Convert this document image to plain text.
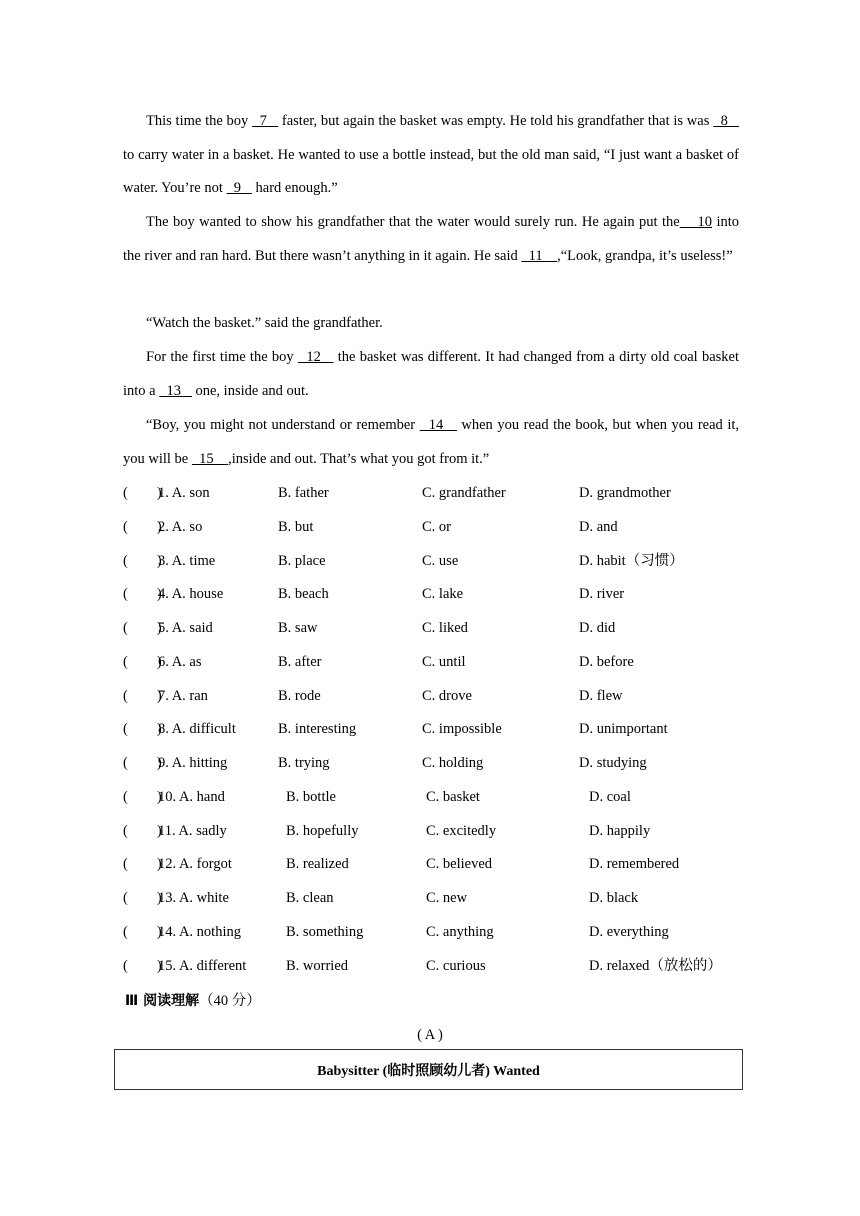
This time the boy   7    faster, but again the basket was empty. He told his grandfather that is was   8    to carry water in a basket. He wanted to use a bottle instead, but the old man said, “I just want a basket of water. You’re not   9    hard enough.”

The boy wanted to show his grandfather that the water would surely run. He again put the    10 into the river and ran hard. But there wasn’t anything in it again. He said   11    ,“Look, grandpa, it’s useless!”

“Watch the basket.” said the grandfather.

For the first time the boy   12    the basket was different. It had changed from a dirty old coal basket into a   13    one, inside and out.

“Boy, you might not understand or remember   14    when you read the book, but when you read it, you will be   15    ,inside and out. That’s what you got from it.”

(        )
1. A. son	B. father	C. grandfather	D. grandmother
(        )
2. A. so	B. but	C. or	D. and
(        )
3. A. time	B. place	C. use	D. habit（习惯）
(        )
4. A. house	B. beach	C. lake	D. river
(        )
5. A. said	B. saw	C. liked	D. did
(        )
6. A. as	B. after	C. until	D. before
(        )
7. A. ran	B. rode	C. drove	D. flew
(        )
8. A. difficult	B. interesting	C. impossible	D. unimportant
(        )
9. A. hitting	B. trying	C. holding	D. studying
(        )
10. A. hand	B. bottle	C. basket	D. coal
(        )
11. A. sadly	B. hopefully	C. excitedly	D. happily
(        )
12. A. forgot	B. realized	C. believed	D. remembered
(        )
13. A. white	B. clean	C. new	D. black
(        )
14. A. nothing	B. something	C. anything	D. everything
(        )
15. A. different	B. worried	C. curious	D. relaxed（放松的）
Ⅲ 阅读理解（40 分）
( A )
Babysitter (临时照顾幼儿者) Wanted
